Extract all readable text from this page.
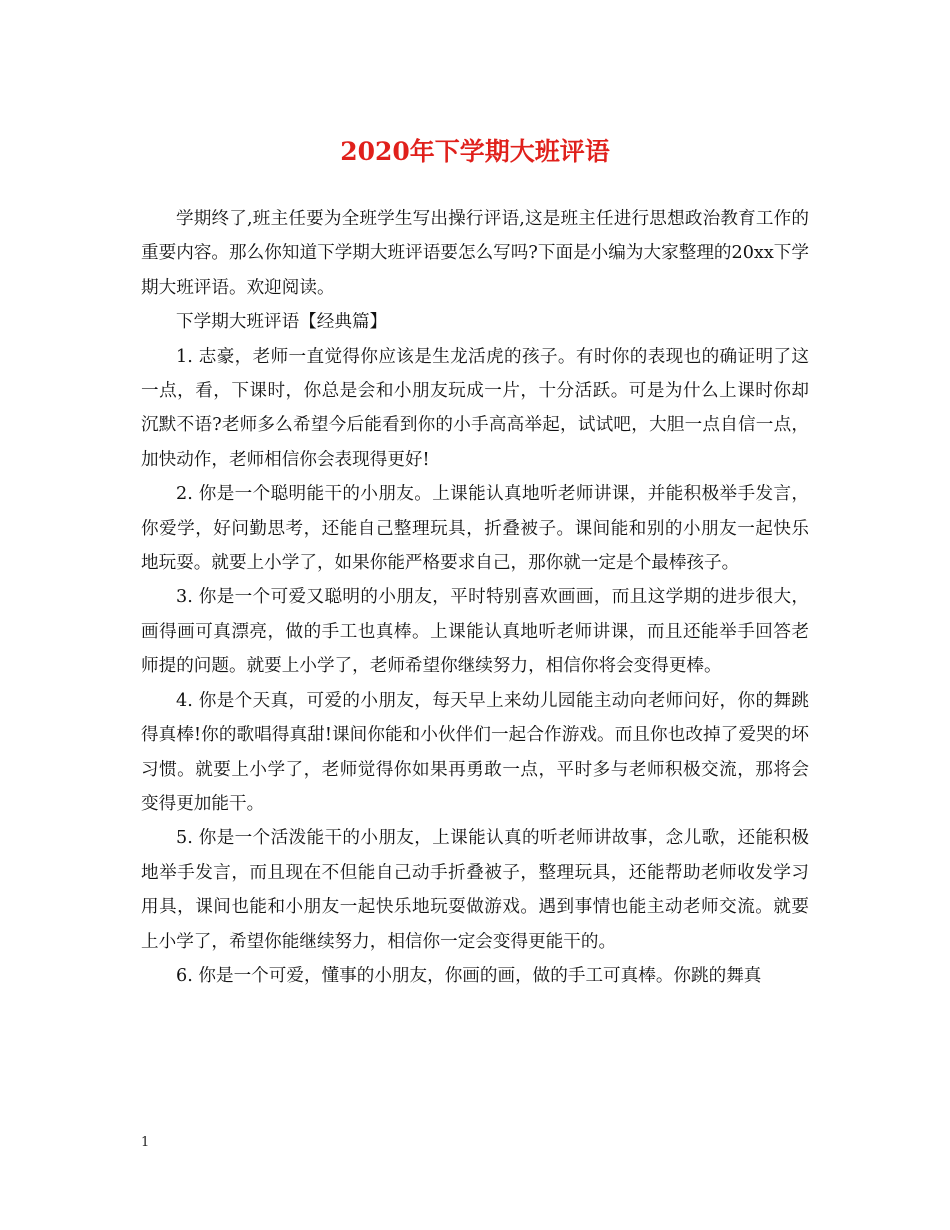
2020年下学期大班评语

学期终了,班主任要为全班学生写出操行评语,这是班主任进行思想政治教育工作的重要内容。那么你知道下学期大班评语要怎么写吗?下面是小编为大家整理的20xx下学期大班评语。欢迎阅读。

下学期大班评语【经典篇】

1. 志豪，老师一直觉得你应该是生龙活虎的孩子。有时你的表现也的确证明了这一点，看，下课时，你总是会和小朋友玩成一片，十分活跃。可是为什么上课时你却沉默不语?老师多么希望今后能看到你的小手高高举起，试试吧，大胆一点自信一点，加快动作，老师相信你会表现得更好!

2. 你是一个聪明能干的小朋友。上课能认真地听老师讲课，并能积极举手发言，你爱学，好问勤思考，还能自己整理玩具，折叠被子。课间能和别的小朋友一起快乐地玩耍。就要上小学了，如果你能严格要求自己，那你就一定是个最棒孩子。

3. 你是一个可爱又聪明的小朋友，平时特别喜欢画画，而且这学期的进步很大，画得画可真漂亮，做的手工也真棒。上课能认真地听老师讲课，而且还能举手回答老师提的问题。就要上小学了，老师希望你继续努力，相信你将会变得更棒。

4. 你是个天真，可爱的小朋友，每天早上来幼儿园能主动向老师问好，你的舞跳得真棒!你的歌唱得真甜!课间你能和小伙伴们一起合作游戏。而且你也改掉了爱哭的坏习惯。就要上小学了，老师觉得你如果再勇敢一点，平时多与老师积极交流，那将会变得更加能干。

5. 你是一个活泼能干的小朋友，上课能认真的听老师讲故事，念儿歌，还能积极地举手发言，而且现在不但能自己动手折叠被子，整理玩具，还能帮助老师收发学习用具，课间也能和小朋友一起快乐地玩耍做游戏。遇到事情也能主动老师交流。就要上小学了，希望你能继续努力，相信你一定会变得更能干的。

6. 你是一个可爱，懂事的小朋友，你画的画，做的手工可真棒。你跳的舞真

1
